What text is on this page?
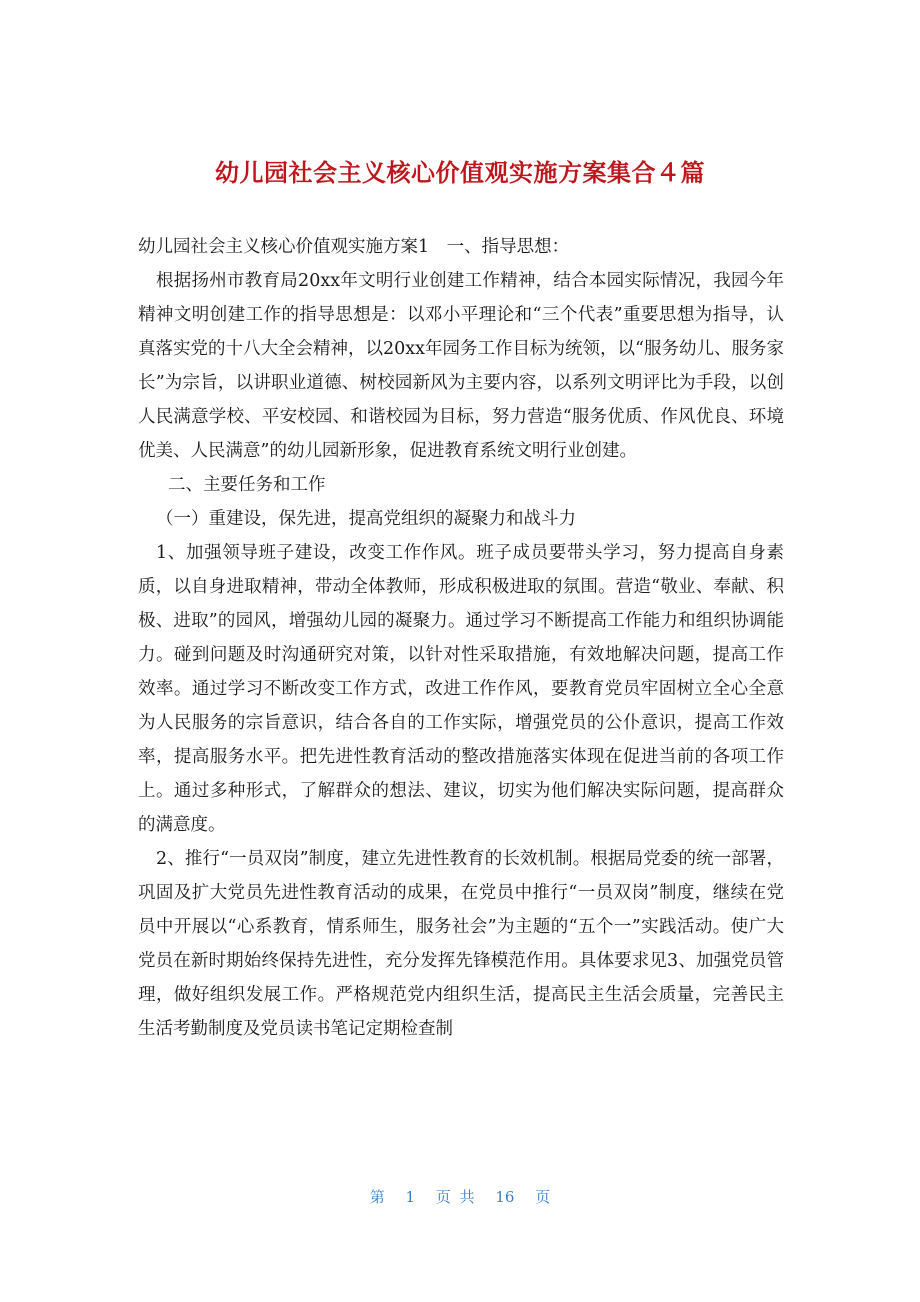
幼儿园社会主义核心价值观实施方案集合４篇

幼儿园社会主义核心价值观实施方案1　一、指导思想：

根据扬州市教育局20xx年文明行业创建工作精神，结合本园实际情况，我园今年精神文明创建工作的指导思想是：以邓小平理论和“三个代表”重要思想为指导，认真落实党的十八大全会精神，以20xx年园务工作目标为统领，以“服务幼儿、服务家长”为宗旨，以讲职业道德、树校园新风为主要内容，以系列文明评比为手段，以创人民满意学校、平安校园、和谐校园为目标，努力营造“服务优质、作风优良、环境优美、人民满意”的幼儿园新形象，促进教育系统文明行业创建。

二、主要任务和工作

（一）重建设，保先进，提高党组织的凝聚力和战斗力

1、加强领导班子建设，改变工作作风。班子成员要带头学习，努力提高自身素质，以自身进取精神，带动全体教师，形成积极进取的氛围。营造“敬业、奉献、积极、进取”的园风，增强幼儿园的凝聚力。通过学习不断提高工作能力和组织协调能力。碰到问题及时沟通研究对策，以针对性采取措施，有效地解决问题，提高工作效率。通过学习不断改变工作方式，改进工作作风，要教育党员牢固树立全心全意为人民服务的宗旨意识，结合各自的工作实际，增强党员的公仆意识，提高工作效率，提高服务水平。把先进性教育活动的整改措施落实体现在促进当前的各项工作上。通过多种形式，了解群众的想法、建议，切实为他们解决实际问题，提高群众的满意度。

2、推行“一员双岗”制度，建立先进性教育的长效机制。根据局党委的统一部署，巩固及扩大党员先进性教育活动的成果，在党员中推行“一员双岗”制度，继续在党员中开展以“心系教育，情系师生，服务社会”为主题的“五个一”实践活动。使广大党员在新时期始终保持先进性，充分发挥先锋模范作用。具体要求见3、加强党员管理，做好组织发展工作。严格规范党内组织生活，提高民主生活会质量，完善民主生活考勤制度及党员读书笔记定期检查制

第 1 页 共 16 页
